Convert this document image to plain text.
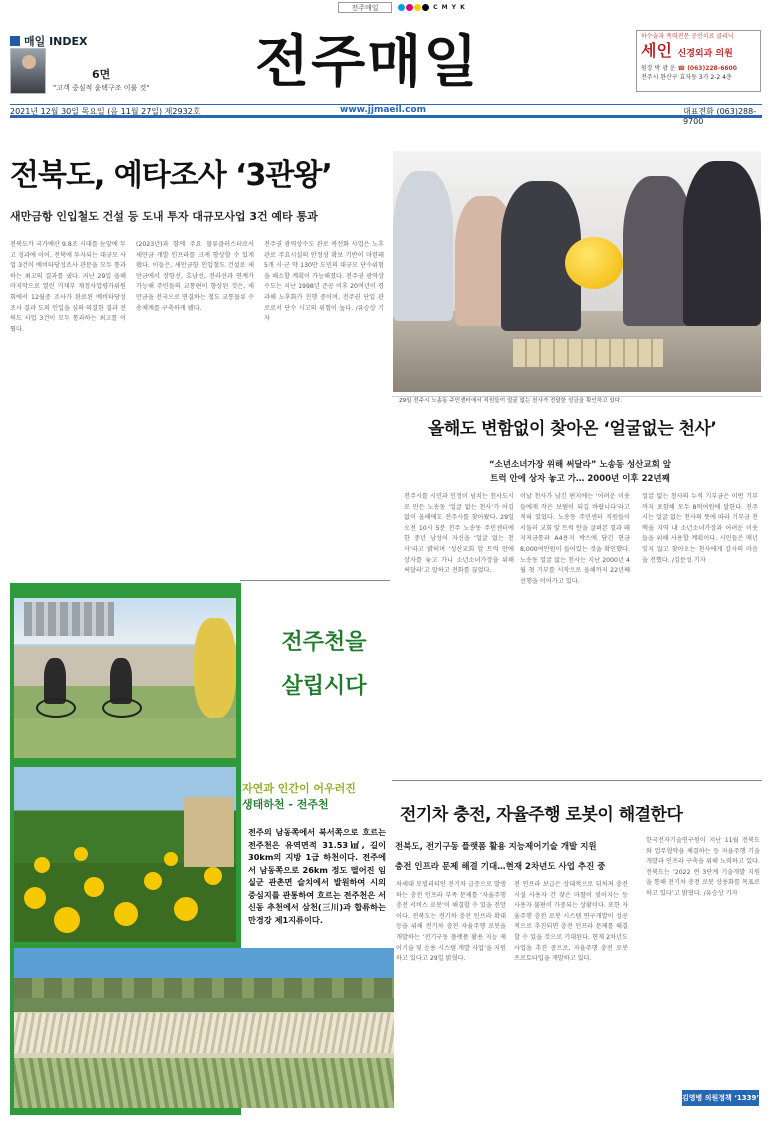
전주매일	C M Y K
매일 INDEX
6면
"고객 중심적 윤택구조 이룰 것" 전주매일	하수술과 폭력전문 공인치료 클리닉
세인 신경외과 의원
원장 박 광 운 ☎ (063)228-6600
전주시 완산구 효자동 3가 2-2 4층
2021년 12월 30일 목요일 (음 11월 27일) 제2932호	www.jjmaeil.com	대표전화 (063)288-9700
전북도, 예타조사 ‘3관왕’
새만금항 인입철도 건설 등 도내 투자 대규모사업 3건 예타 통과
전북도가 국가예산 9.8조 시대를 눈앞에 두고 성과에 이어, 전북에 투자되는 대규모 사업 3건이 예비타당성조사 관문을 모두 통과하는 최고의 결과를 냈다. 지난 29일 올해 마지막으로 열린 기재부 재정사업평가위원회에서 12월중 조사가 완료된 예비타당성조사 결과 도의 인입을 심의·의결한 결과 전북도 사업 3건이 모두 통과하는 최고를 이뤘다.
(2023년)과 함께 주요 물류클러스터로서 새만금 개발 인프라를 크게 향상할 수 있게 됐다. 이들은, 새만금항 인입철도 건설로 새만금에서 장항선, 호남선, 전라선과 연계가 가능해 주민들의 교통편이 향상된 것은, 새만금을 전국으로 연결하는 철도 교통물류 수송체계를 구축하게 됐다.
전주권 광역상수도 관로 복선화 사업은 노후관로 주요시설의 안정성 확보 기반이 마련돼 5개 시·군 약 130만 도민의 대규모 단수위험을 해소할 계획이 가능해졌다. 전주권 광역상수도는 지난 1998년 준공 이후 20여년이 경과해 노후화가 진행 중이며, 전주권 단일 관로로서 단수 시고의 위험이 높다. /유승상 기자
29일 전주시 노송동 주민센터에서 직원들이 얼굴 없는 천사가 전달한 성금을 확인하고 있다.
올해도 변함없이 찾아온 ‘얼굴없는 천사’
“소년소녀가장 위해 써달라” 노송동 성산교회 앞
트럭 안에 상자 놓고 가… 2000년 이후 22년째
전주시를 시민과 인정이 넘치는 천사도시로 만든 노송동 ‘얼굴 없는 천사’가 어김없이 올해에도 전주시를 찾아왔다. 29일 오전 10시 5분 전주 노송동 주민센터에 한 중년 남성이 자신을 ‘얼굴 없는 천사’라고 밝히며 ‘성산교회 앞 트럭 안에 상자를 놓고 가니 소년소녀가장을 위해 써달라’고 말하고 전화를 끊었다.
이날 천사가 남긴 편지에는 ‘어려운 이웃들에게 작은 보탬이 되길 바랍니다’라고 적혀 있었다. 노송동 주민센터 직원들이 서둘러 교회 앞 트럭 안을 살펴본 결과 돼지저금통과 A4용지 박스에 담긴 현금 8,000여만원이 들어있는 것을 확인했다. 노송동 얼굴 없는 천사는 지난 2000년 4월 첫 기부를 시작으로 올해까지 22년째 선행을 이어가고 있다.
얼굴 없는 천사의 누적 기부금은 이번 기부까지 포함해 모두 8억여원에 달한다. 전주시는 얼굴 없는 천사의 뜻에 따라 기부금 전액을 지역 내 소년소녀가장과 어려운 이웃들을 위해 사용할 계획이다. 시민들은 매년 잊지 않고 찾아오는 천사에게 감사의 마음을 전했다. /김문성 기자
전주천을
살립시다
자연과 인간이 어우러진
생태하천 - 전주천
전주의 남동쪽에서 북서쪽으로 흐르는 전주천은 유역면적 31.53㎢, 길이 30km의 지방 1급 하천이다. 전주에서 남동쪽으로 26km 정도 떨어진 임실군 관촌면 슬치에서 발원하여 시의 중심지를 관통하여 흐르는 전주천은 서신동 추천에서 삼천(三川)과 합류하는 만경강 제1지류이다.
전기차 충전, 자율주행 로봇이 해결한다
전북도, 전기구동 플랫폼 활용 지능제어기술 개발 지원
충전 인프라 문제 해결 기대…현재 2차년도 사업 추진 중
차세대 모빌리티인 전기차 급증으로 발생하는 충전 인프라 부족 문제를 ‘자율주행 충전 서비스 로봇’이 해결할 수 있을 전망이다. 전북도는 전기차 충전 인프라 확대 등을 위해 전기차 충전 자율주행 로봇을 개발하는 ‘전기구동 플랫폼 활용 지능 제어기술 및 운용 시스템 개발 사업’을 지원하고 있다고 29일 밝혔다.
전 인프라 보급은 상대적으로 뒤처져 충전시설 사용자 간 잦은 마찰이 빚어지는 등 사용자 불편이 가중되는 상황이다. 또한 자율주행 충전 로봇 시스템 연구개발이 성공적으로 추진되면 충전 인프라 문제를 해결할 수 있을 것으로 기대된다. 현재 2차년도 사업을 추진 중으로, 자율주행 충전 로봇 프로토타입을 개발하고 있다.
한국전자기술연구원이 지난 11월 전북도와 업무협약을 체결하는 등 자율주행 기술개발과 인프라 구축을 위해 노력하고 있다. 전북도는 ‘2022 연 3단계 기술개발 지원을 통해 전기차 충전 로봇 상용화를 목표로 하고 있다’고 밝혔다. /유승상 기자
김영병 의원정책 ‘1339’ 분
